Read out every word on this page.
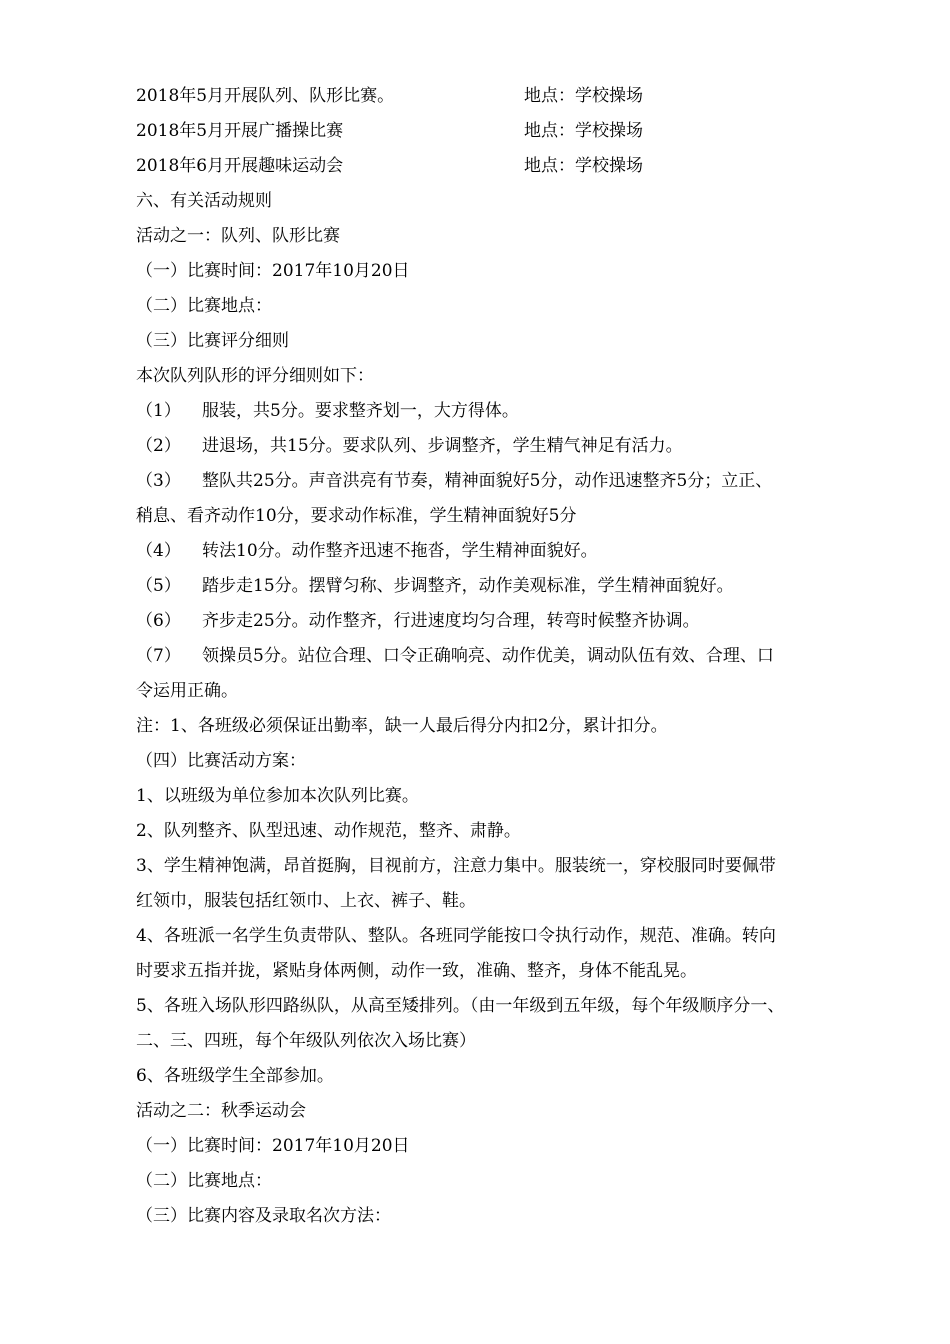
2018年5月开展队列、队形比赛。	地点：学校操场
2018年5月开展广播操比赛	地点：学校操场
2018年6月开展趣味运动会	地点：学校操场
六、有关活动规则
活动之一：队列、队形比赛
（一）比赛时间：2017年10月20日
（二）比赛地点：
（三）比赛评分细则
本次队列队形的评分细则如下：
（1） 服装，共5分。要求整齐划一，大方得体。
（2） 进退场，共15分。要求队列、步调整齐，学生精气神足有活力。
（3） 整队共25分。声音洪亮有节奏，精神面貌好5分，动作迅速整齐5分；立正、
稍息、看齐动作10分，要求动作标准，学生精神面貌好5分
（4） 转法10分。动作整齐迅速不拖沓，学生精神面貌好。
（5） 踏步走15分。摆臂匀称、步调整齐，动作美观标准，学生精神面貌好。
（6） 齐步走25分。动作整齐，行进速度均匀合理，转弯时候整齐协调。
（7） 领操员5分。站位合理、口令正确响亮、动作优美，调动队伍有效、合理、口
令运用正确。
注：1、各班级必须保证出勤率，缺一人最后得分内扣2分，累计扣分。
（四）比赛活动方案：
1、以班级为单位参加本次队列比赛。
2、队列整齐、队型迅速、动作规范，整齐、肃静。
3、学生精神饱满，昂首挺胸，目视前方，注意力集中。服装统一，穿校服同时要佩带
红领巾，服装包括红领巾、上衣、裤子、鞋。
4、各班派一名学生负责带队、整队。各班同学能按口令执行动作，规范、准确。转向
时要求五指并拢，紧贴身体两侧，动作一致，准确、整齐，身体不能乱晃。
5、各班入场队形四路纵队，从高至矮排列。（由一年级到五年级，每个年级顺序分一、
二、三、四班，每个年级队列依次入场比赛）
6、各班级学生全部参加。
活动之二：秋季运动会
（一）比赛时间：2017年10月20日
（二）比赛地点：
（三）比赛内容及录取名次方法：
